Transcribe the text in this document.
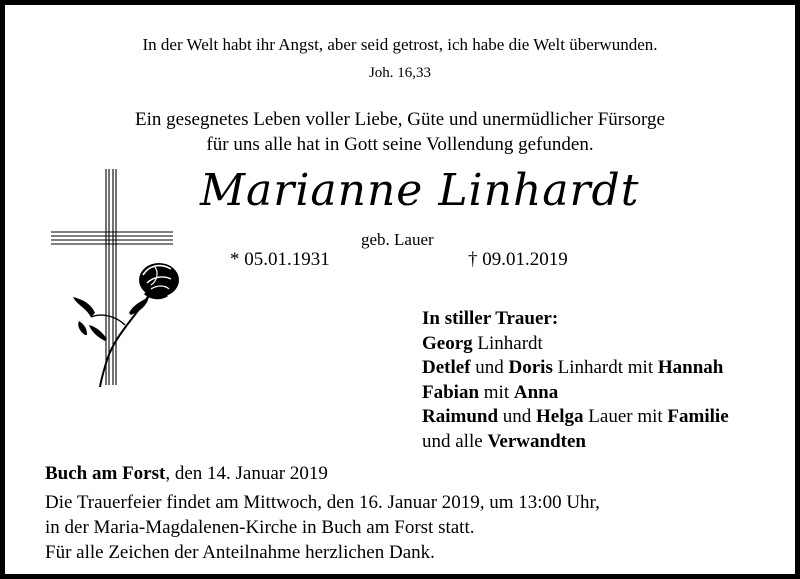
In der Welt habt ihr Angst, aber seid getrost, ich habe die Welt überwunden.
Joh. 16,33
Ein gesegnetes Leben voller Liebe, Güte und unermüdlicher Fürsorge
für uns alle hat in Gott seine Vollendung gefunden.
Marianne Linhardt
geb. Lauer
* 05.01.1931	† 09.01.2019
In stiller Trauer:
Georg Linhardt
Detlef und Doris Linhardt mit Hannah
Fabian mit Anna
Raimund und Helga Lauer mit Familie
und alle Verwandten
Buch am Forst, den 14. Januar 2019
Die Trauerfeier findet am Mittwoch, den 16. Januar 2019, um 13:00 Uhr,
in der Maria-Magdalenen-Kirche in Buch am Forst statt.
Für alle Zeichen der Anteilnahme herzlichen Dank.
